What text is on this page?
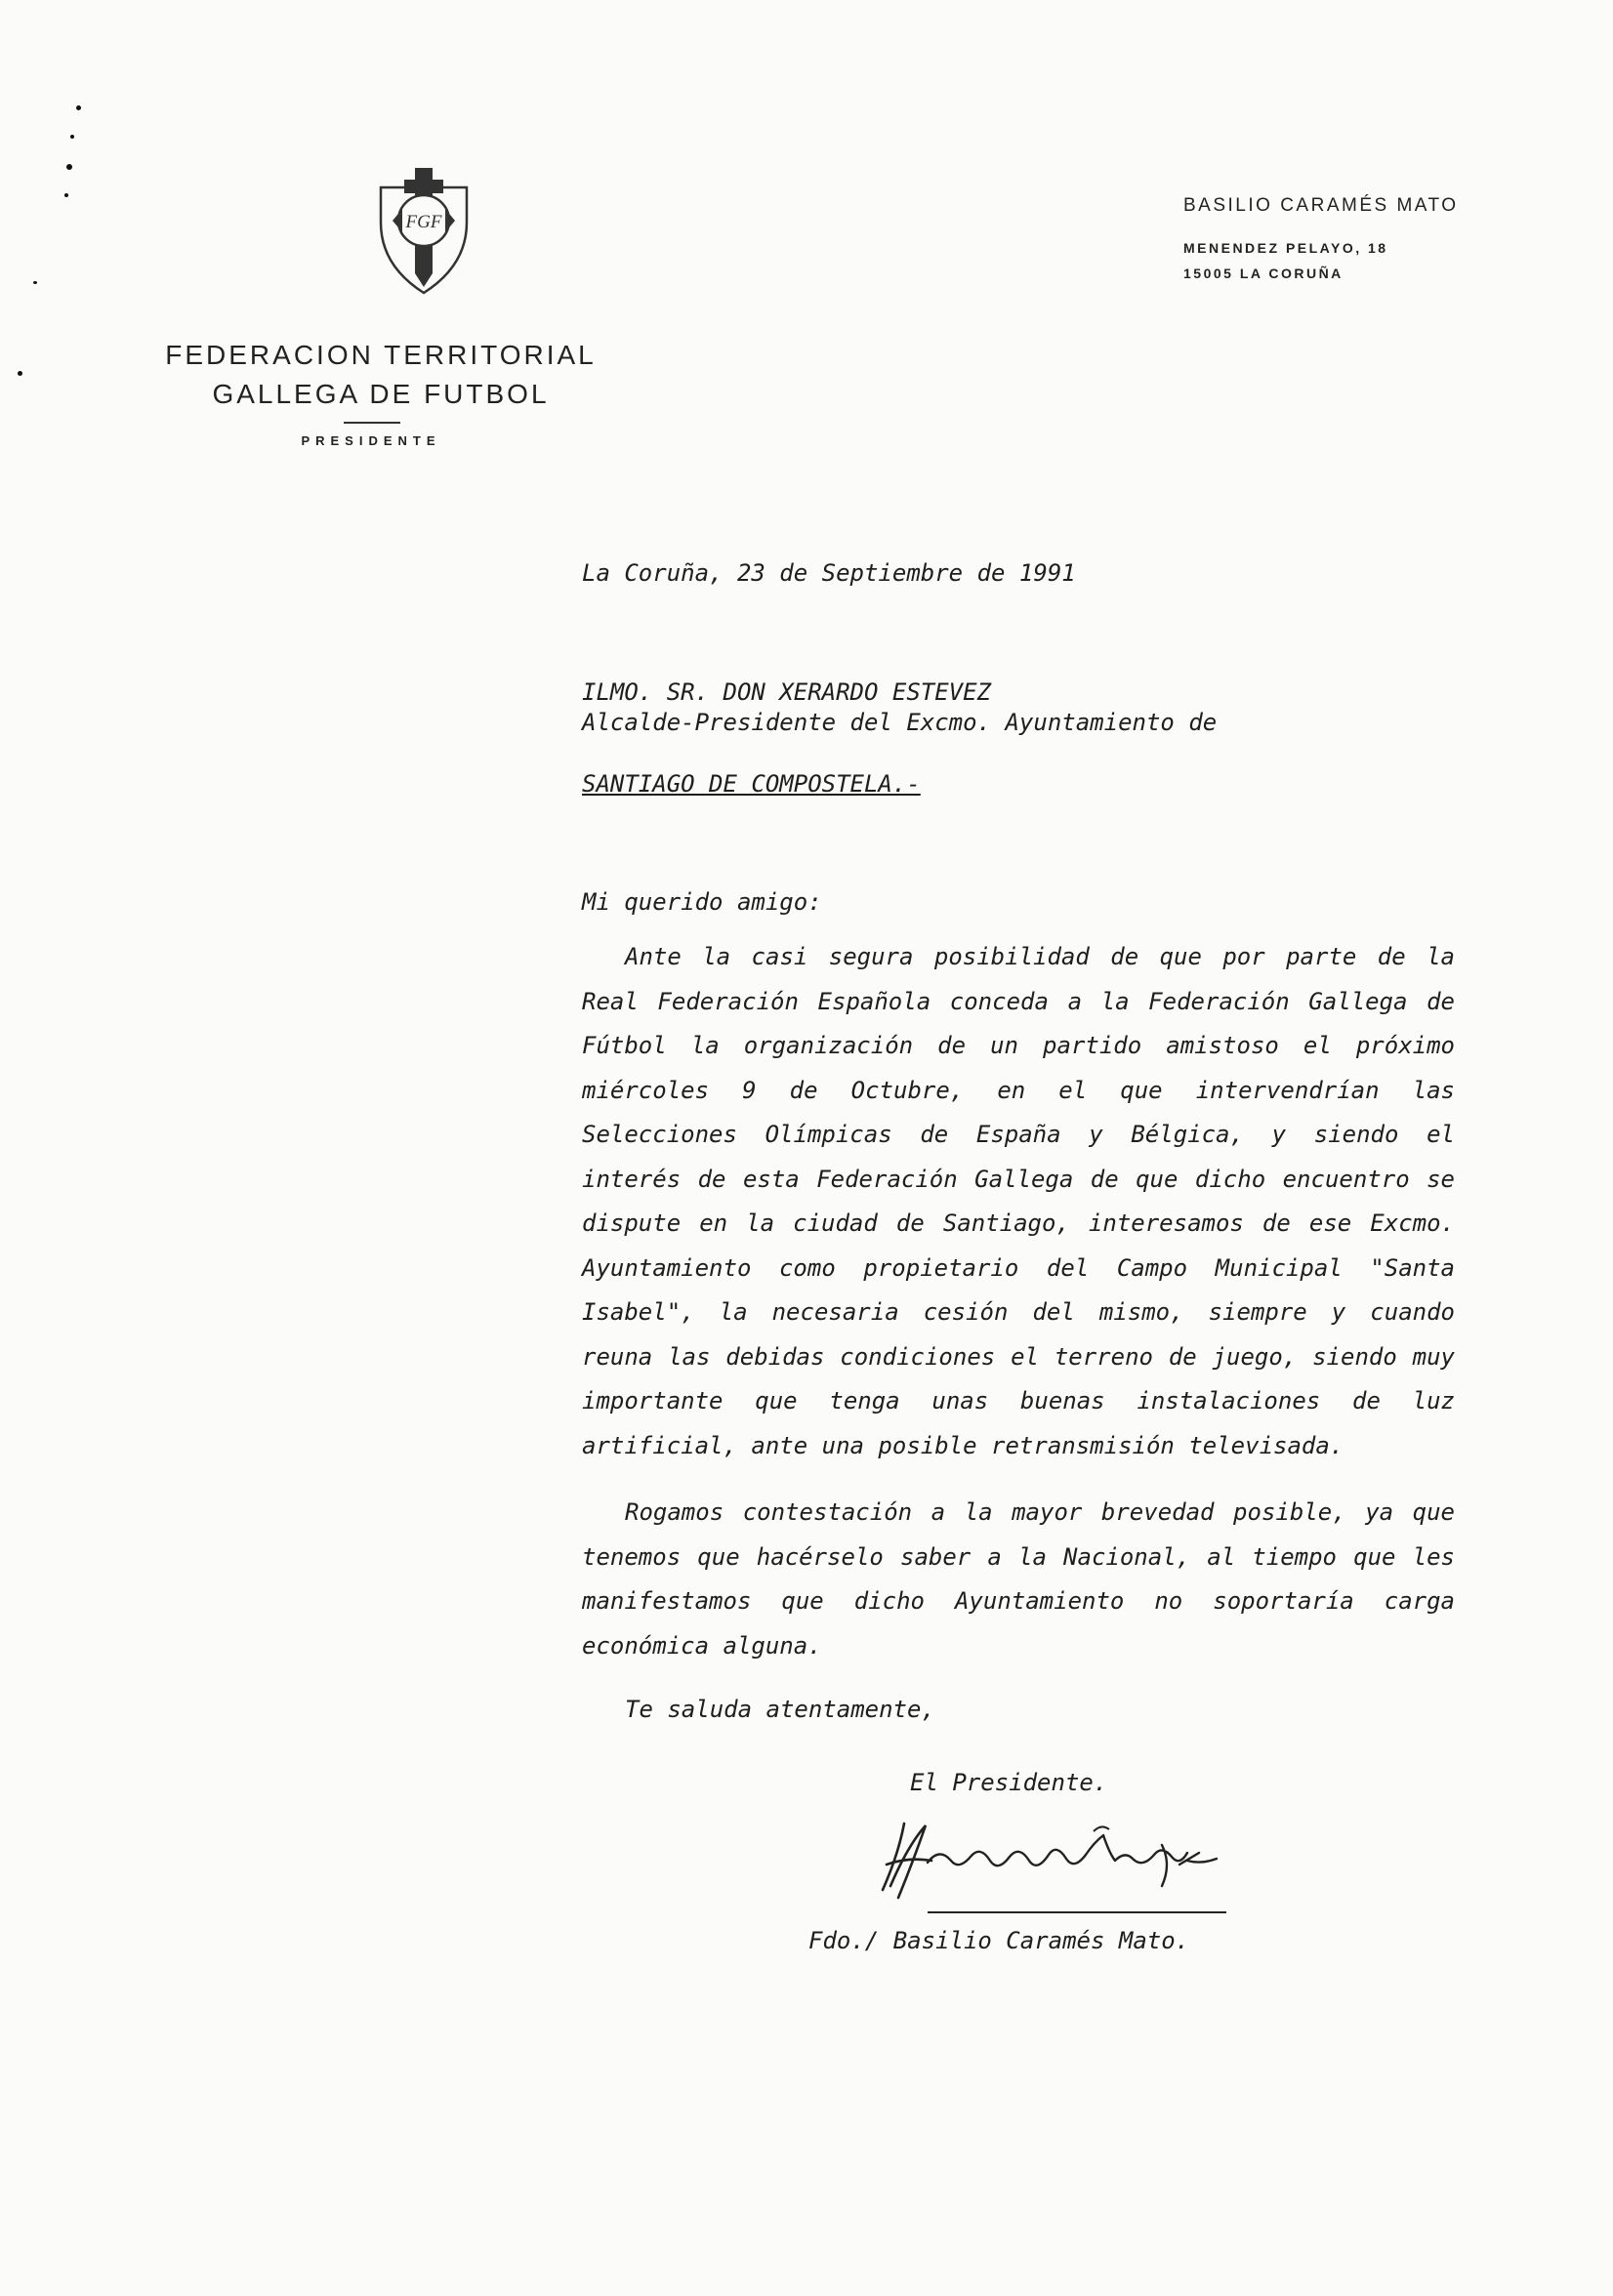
FGF
FEDERACION TERRITORIAL
GALLEGA DE FUTBOL
PRESIDENTE
BASILIO CARAMÉS MATO
MENENDEZ PELAYO, 18
15005 LA CORUÑA
La Coruña, 23 de Septiembre de 1991
ILMO. SR. DON XERARDO ESTEVEZ
Alcalde-Presidente del Excmo. Ayuntamiento de
SANTIAGO DE COMPOSTELA.-
Mi querido amigo:
Ante la casi segura posibilidad de que por parte de la Real Federación Española conceda a la Federación Gallega de Fútbol la organización de un partido amistoso el próximo miércoles 9 de Octubre, en el que intervendrían las Selecciones Olímpicas de España y Bélgica, y siendo el interés de esta Federación Gallega de que dicho encuentro se dispute en la ciudad de Santiago, interesamos de ese Excmo. Ayuntamiento como propietario del Campo Municipal "Santa Isabel", la necesaria cesión del mismo, siempre y cuando reuna las debidas condiciones el terreno de juego, siendo muy importante que tenga unas buenas instalaciones de luz artificial, ante una posible retransmisión televisada.
Rogamos contestación a la mayor brevedad posible, ya que tenemos que hacérselo saber a la Nacional, al tiempo que les manifestamos que dicho Ayuntamiento no soportaría carga económica alguna.
Te saluda atentamente,
El Presidente.
Fdo./ Basilio Caramés Mato.
